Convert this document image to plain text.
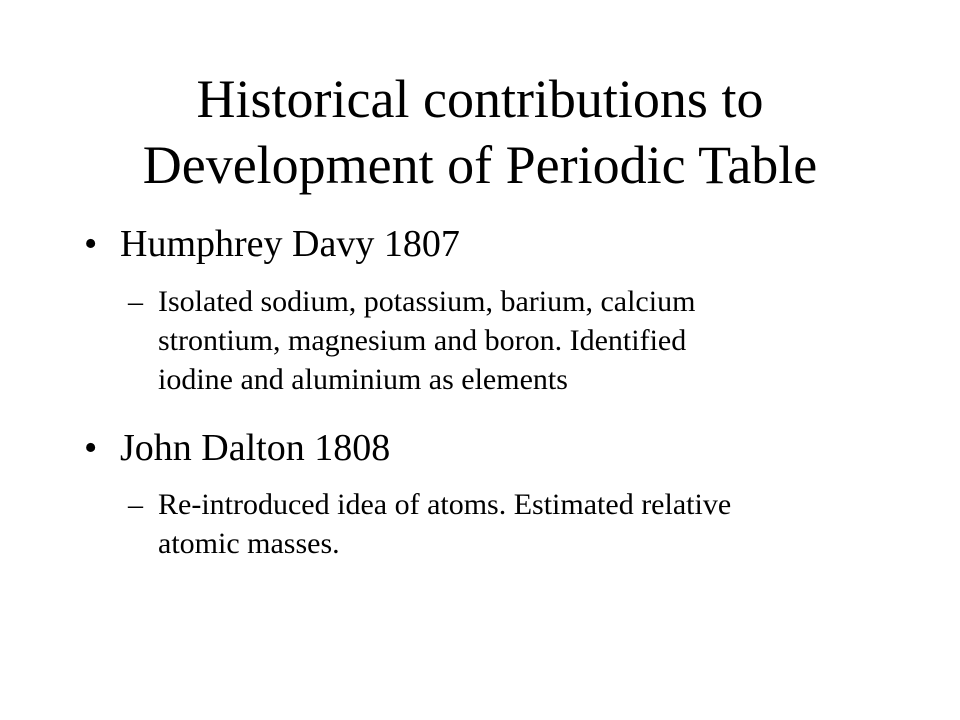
Historical contributions to
Development of Periodic Table
• Humphrey Davy 1807
– Isolated sodium, potassium, barium, calcium
strontium, magnesium and boron. Identified
iodine and aluminium as elements
• John Dalton 1808
– Re-introduced idea of atoms. Estimated relative
atomic masses.
